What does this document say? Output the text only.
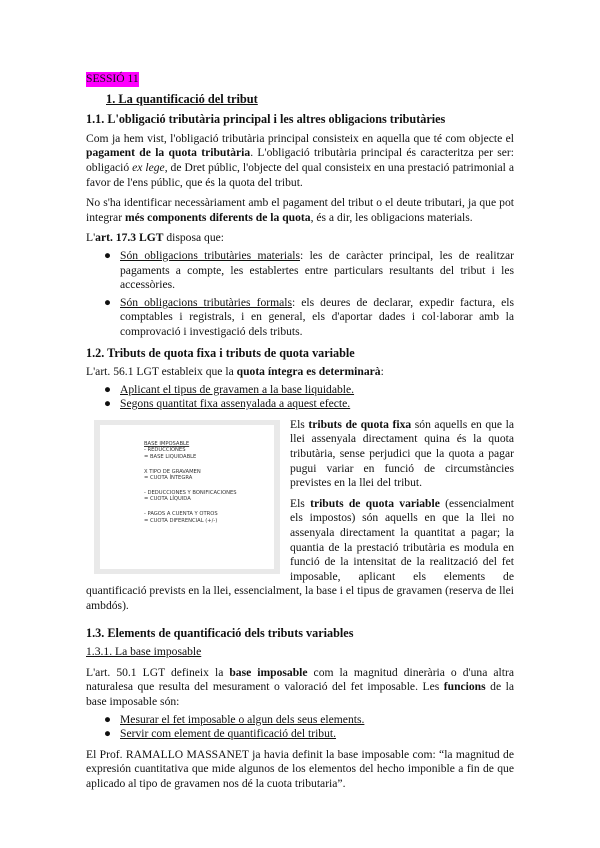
SESSIÓ 11
1. La quantificació del tribut
1.1. L'obligació tributària principal i les altres obligacions tributàries

Com ja hem vist, l'obligació tributària principal consisteix en aquella que té com objecte el pagament de la quota tributària. L'obligació tributària principal és caracteritza per ser: obligació ex lege, de Dret públic, l'objecte del qual consisteix en una prestació patrimonial a favor de l'ens públic, que és la quota del tribut.

No s'ha identificar necessàriament amb el pagament del tribut o el deute tributari, ja que pot integrar més components diferents de la quota, és a dir, les obligacions materials.

L'art. 17.3 LGT disposa que:

● Són obligacions tributàries materials: les de caràcter principal, les de realitzar pagaments a compte, les establertes entre particulars resultants del tribut i les accessòries.
● Són obligacions tributàries formals: els deures de declarar, expedir factura, els comptables i registrals, i en general, els d'aportar dades i col·laborar amb la comprovació i investigació dels tributs.
1.2. Tributs de quota fixa i tributs de quota variable

L'art. 56.1 LGT estableix que la quota íntegra es determinarà:

● Aplicant el tipus de gravamen a la base liquidable.
● Segons quantitat fixa assenyalada a aquest efecte.
BASE IMPOSABLE
- REDUCCIONES
= BASE LIQUIDABLE
X TIPO DE GRAVAMEN
= CUOTA ÍNTEGRA
- DEDUCCIONES Y BONIFICACIONES
= CUOTA LÍQUIDA
- PAGOS A CUENTA Y OTROS
= CUOTA DIFERENCIAL (+/-)

Els tributs de quota fixa són aquells en que la llei assenyala directament quina és la quota tributària, sense perjudici que la quota a pagar pugui variar en funció de circumstàncies previstes en la llei del tribut.

Els tributs de quota variable (essencialment els impostos) són aquells en que la llei no assenyala directament la quantitat a pagar; la quantia de la prestació tributària es modula en funció de la intensitat de la realització del fet imposable, aplicant els elements de quantificació prevists en la llei, essencialment, la base i el tipus de gravamen (reserva de llei ambdós).

1.3. Elements de quantificació dels tributs variables
1.3.1. La base imposable

L'art. 50.1 LGT defineix la base imposable com la magnitud dinerària o d'una altra naturalesa que resulta del mesurament o valoració del fet imposable. Les funcions de la base imposable són:

● Mesurar el fet imposable o algun dels seus elements.
● Servir com element de quantificació del tribut.

El Prof. RAMALLO MASSANET ja havia definit la base imposable com: “la magnitud de expresión cuantitativa que mide algunos de los elementos del hecho imponible a fin de que aplicado al tipo de gravamen nos dé la cuota tributaria”.
